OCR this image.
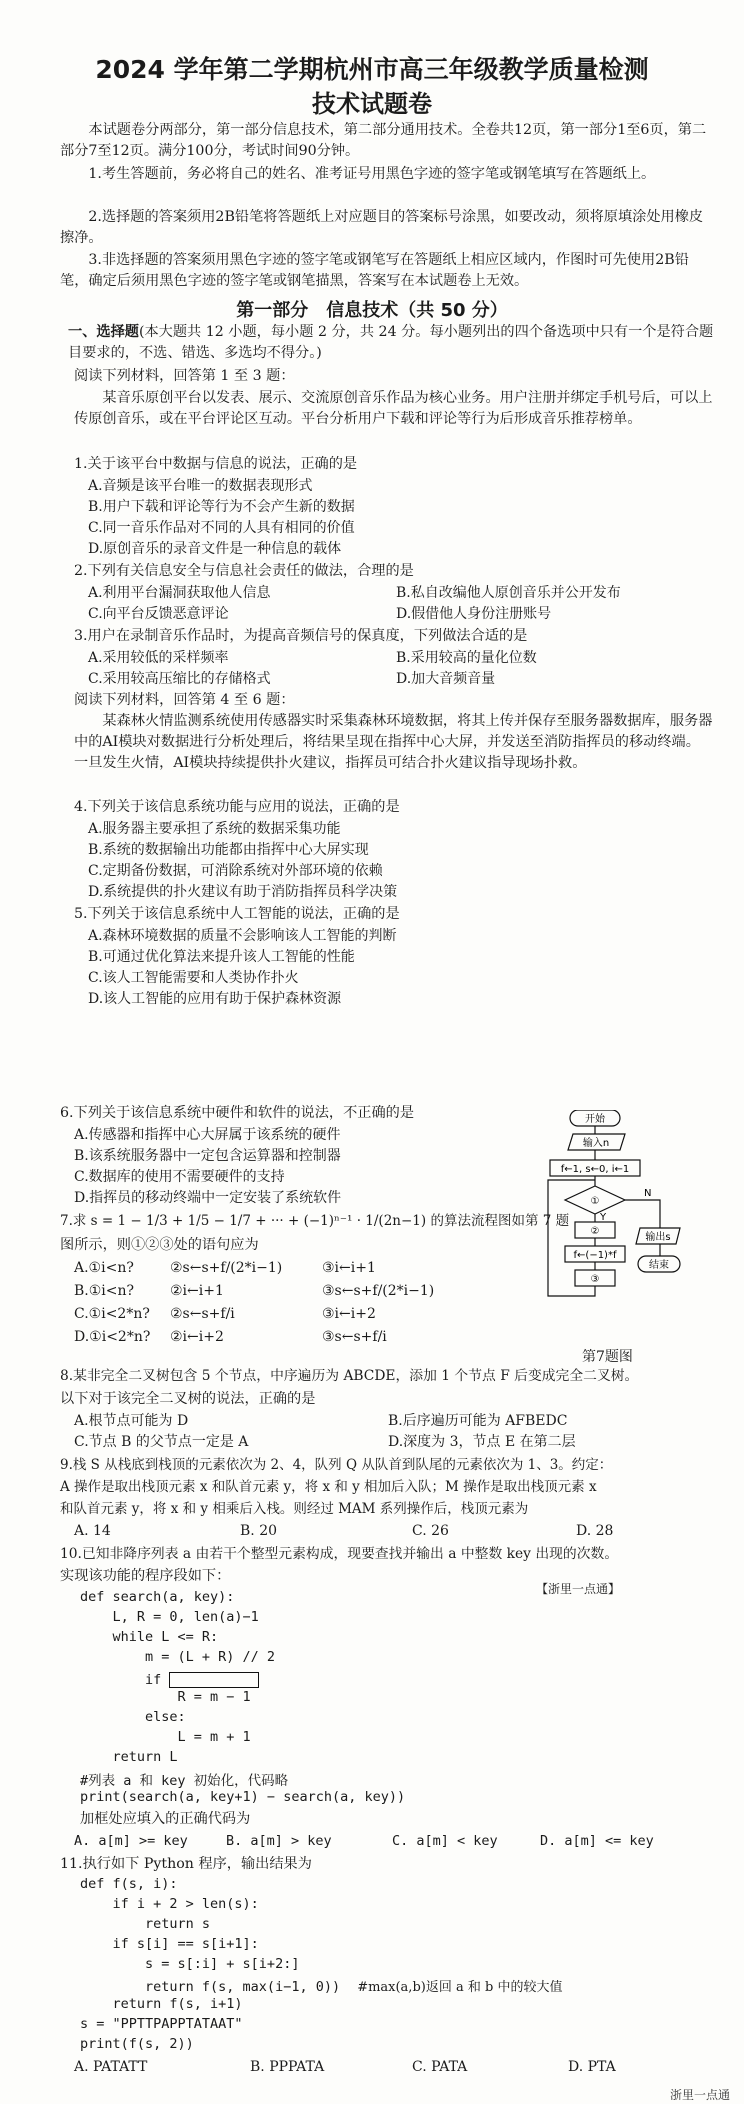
2024 学年第二学期杭州市高三年级教学质量检测
技术试题卷
本试题卷分两部分，第一部分信息技术，第二部分通用技术。全卷共12页，第一部分1至6页，第二部分7至12页。满分100分，考试时间90分钟。
1.考生答题前，务必将自己的姓名、准考证号用黑色字迹的签字笔或钢笔填写在答题纸上。
2.选择题的答案须用2B铅笔将答题纸上对应题目的答案标号涂黑，如要改动，须将原填涂处用橡皮擦净。
3.非选择题的答案须用黑色字迹的签字笔或钢笔写在答题纸上相应区域内，作图时可先使用2B铅笔，确定后须用黑色字迹的签字笔或钢笔描黑，答案写在本试题卷上无效。
第一部分　信息技术（共 50 分）
一、选择题(本大题共 12 小题，每小题 2 分，共 24 分。每小题列出的四个备选项中只有一个是符合题目要求的，不选、错选、多选均不得分。)
阅读下列材料，回答第 1 至 3 题：
某音乐原创平台以发表、展示、交流原创音乐作品为核心业务。用户注册并绑定手机号后，可以上传原创音乐，或在平台评论区互动。平台分析用户下载和评论等行为后形成音乐推荐榜单。
1.关于该平台中数据与信息的说法，正确的是
A.音频是该平台唯一的数据表现形式
B.用户下载和评论等行为不会产生新的数据
C.同一音乐作品对不同的人具有相同的价值
D.原创音乐的录音文件是一种信息的载体
2.下列有关信息安全与信息社会责任的做法，合理的是
A.利用平台漏洞获取他人信息	B.私自改编他人原创音乐并公开发布
C.向平台反馈恶意评论	D.假借他人身份注册账号
3.用户在录制音乐作品时，为提高音频信号的保真度，下列做法合适的是
A.采用较低的采样频率	B.采用较高的量化位数
C.采用较高压缩比的存储格式	D.加大音频音量
阅读下列材料，回答第 4 至 6 题：
某森林火情监测系统使用传感器实时采集森林环境数据，将其上传并保存至服务器数据库，服务器中的AI模块对数据进行分析处理后，将结果呈现在指挥中心大屏，并发送至消防指挥员的移动终端。一旦发生火情，AI模块持续提供扑火建议，指挥员可结合扑火建议指导现场扑救。
4.下列关于该信息系统功能与应用的说法，正确的是
A.服务器主要承担了系统的数据采集功能
B.系统的数据输出功能都由指挥中心大屏实现
C.定期备份数据，可消除系统对外部环境的依赖
D.系统提供的扑火建议有助于消防指挥员科学决策
5.下列关于该信息系统中人工智能的说法，正确的是
A.森林环境数据的质量不会影响该人工智能的判断
B.可通过优化算法来提升该人工智能的性能
C.该人工智能需要和人类协作扑火
D.该人工智能的应用有助于保护森林资源
6.下列关于该信息系统中硬件和软件的说法，不正确的是
A.传感器和指挥中心大屏属于该系统的硬件
B.该系统服务器中一定包含运算器和控制器
C.数据库的使用不需要硬件的支持
D.指挥员的移动终端中一定安装了系统软件
7.求 s = 1 − 1/3 + 1/5 − 1/7 + ··· + (−1)ⁿ⁻¹ · 1/(2n−1) 的算法流程图如第 7 题
图所示，则①②③处的语句应为
A.①i<n?	②s←s+f/(2*i−1)	③i←i+1
B.①i<n?	②i←i+1	③s←s+f/(2*i−1)
C.①i<2*n? ②s←s+f/i	③i←i+2
D.①i<2*n? ②i←i+2	③s←s+f/i
开始
输入n
f←1, s←0, i←1
①
Y
N
②
f←(−1)*f
③
输出s
结束
第7题图
8.某非完全二叉树包含 5 个节点，中序遍历为 ABCDE，添加 1 个节点 F 后变成完全二叉树。
以下对于该完全二叉树的说法，正确的是
A.根节点可能为 D	B.后序遍历可能为 AFBEDC
C.节点 B 的父节点一定是 A	D.深度为 3，节点 E 在第二层
9.栈 S 从栈底到栈顶的元素依次为 2、4，队列 Q 从队首到队尾的元素依次为 1、3。约定：
A 操作是取出栈顶元素 x 和队首元素 y，将 x 和 y 相加后入队；M 操作是取出栈顶元素 x
和队首元素 y，将 x 和 y 相乘后入栈。则经过 MAM 系列操作后，栈顶元素为
A. 14	B. 20	C. 26	D. 28
10.已知非降序列表 a 由若干个整型元素构成，现要查找并输出 a 中整数 key 出现的次数。
实现该功能的程序段如下：
【浙里一点通】
def search(a, key):
L, R = 0, len(a)−1
while L <= R:
m = (L + R) // 2
if
R = m − 1
else:
L = m + 1
return L
#列表 a 和 key 初始化，代码略
print(search(a, key+1) − search(a, key))
加框处应填入的正确代码为
A. a[m] >= key	B. a[m] > key	C. a[m] < key	D. a[m] <= key
11.执行如下 Python 程序，输出结果为
def f(s, i):
if i + 2 > len(s):
return s
if s[i] == s[i+1]:
s = s[:i] + s[i+2:]
return f(s, max(i−1, 0)) #max(a,b)返回 a 和 b 中的较大值
return f(s, i+1)
s = "PPTTPAPPTATAAT"
print(f(s, 2))
A. PATATT	B. PPPATA	C. PATA	D. PTA
浙里一点通
